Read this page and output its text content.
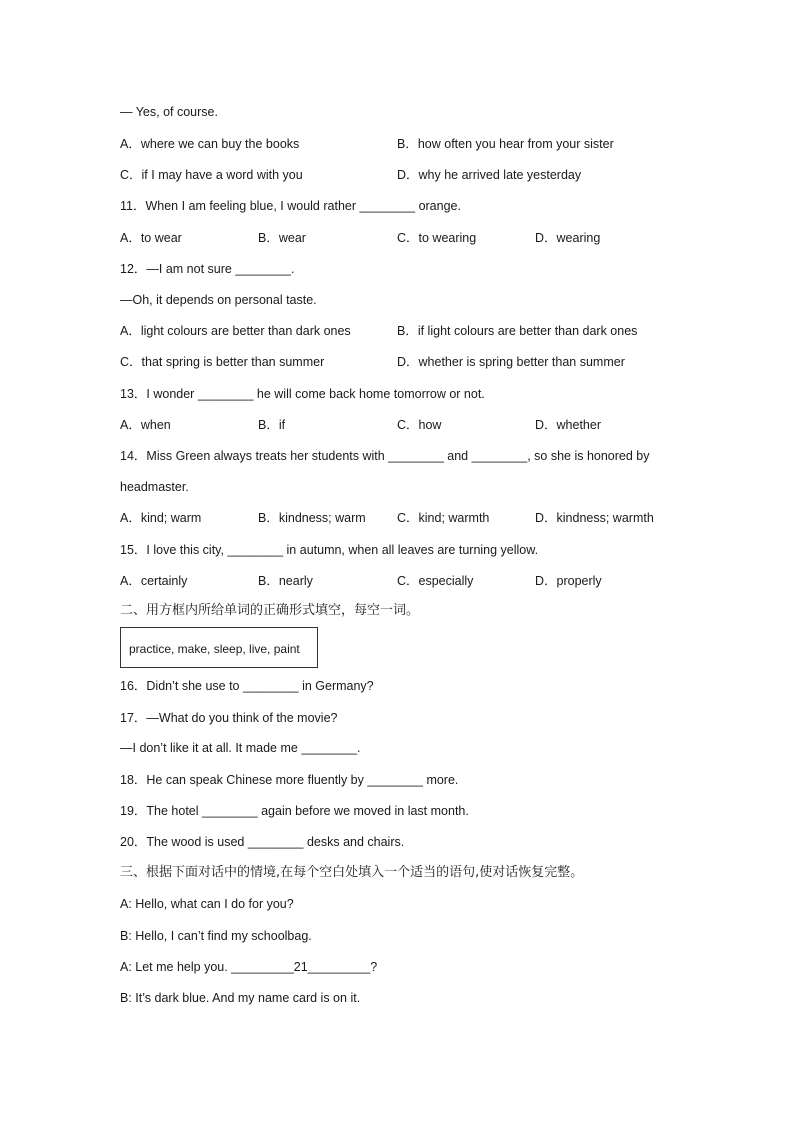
— Yes, of course.
A．where we can buy the books	B．how often you hear from your sister
C．if I may have a word with you	D．why he arrived late yesterday
11．When I am feeling blue, I would rather ________ orange.
A．to wear	B．wear	C．to wearing	D．wearing
12．—I am not sure ________.
—Oh, it depends on personal taste.
A．light colours are better than dark ones	B．if light colours are better than dark ones
C．that spring is better than summer	D．whether is spring better than summer
13．I wonder ________ he will come back home tomorrow or not.
A．when	B．if	C．how	D．whether
14．Miss Green always treats her students with ________ and ________, so she is honored by
headmaster.
A．kind; warm	B．kindness; warm	C．kind; warmth	D．kindness; warmth
15．I love this city, ________ in autumn, when all leaves are turning yellow.
A．certainly	B．nearly	C．especially	D．properly
二、用方框内所给单词的正确形式填空，每空一词。
practice, make, sleep, live, paint
16．Didn’t she use to ________ in Germany?
17．—What do you think of the movie?
—I don’t like it at all. It made me ________.
18．He can speak Chinese more fluently by ________ more.
19．The hotel ________ again before we moved in last month.
20．The wood is used ________ desks and chairs.
三、根据下面对话中的情境,在每个空白处填入一个适当的语句,使对话恢复完整。
A: Hello, what can I do for you?
B: Hello, I can’t find my schoolbag.
A: Let me help you. _________21_________?
B: It’s dark blue. And my name card is on it.
